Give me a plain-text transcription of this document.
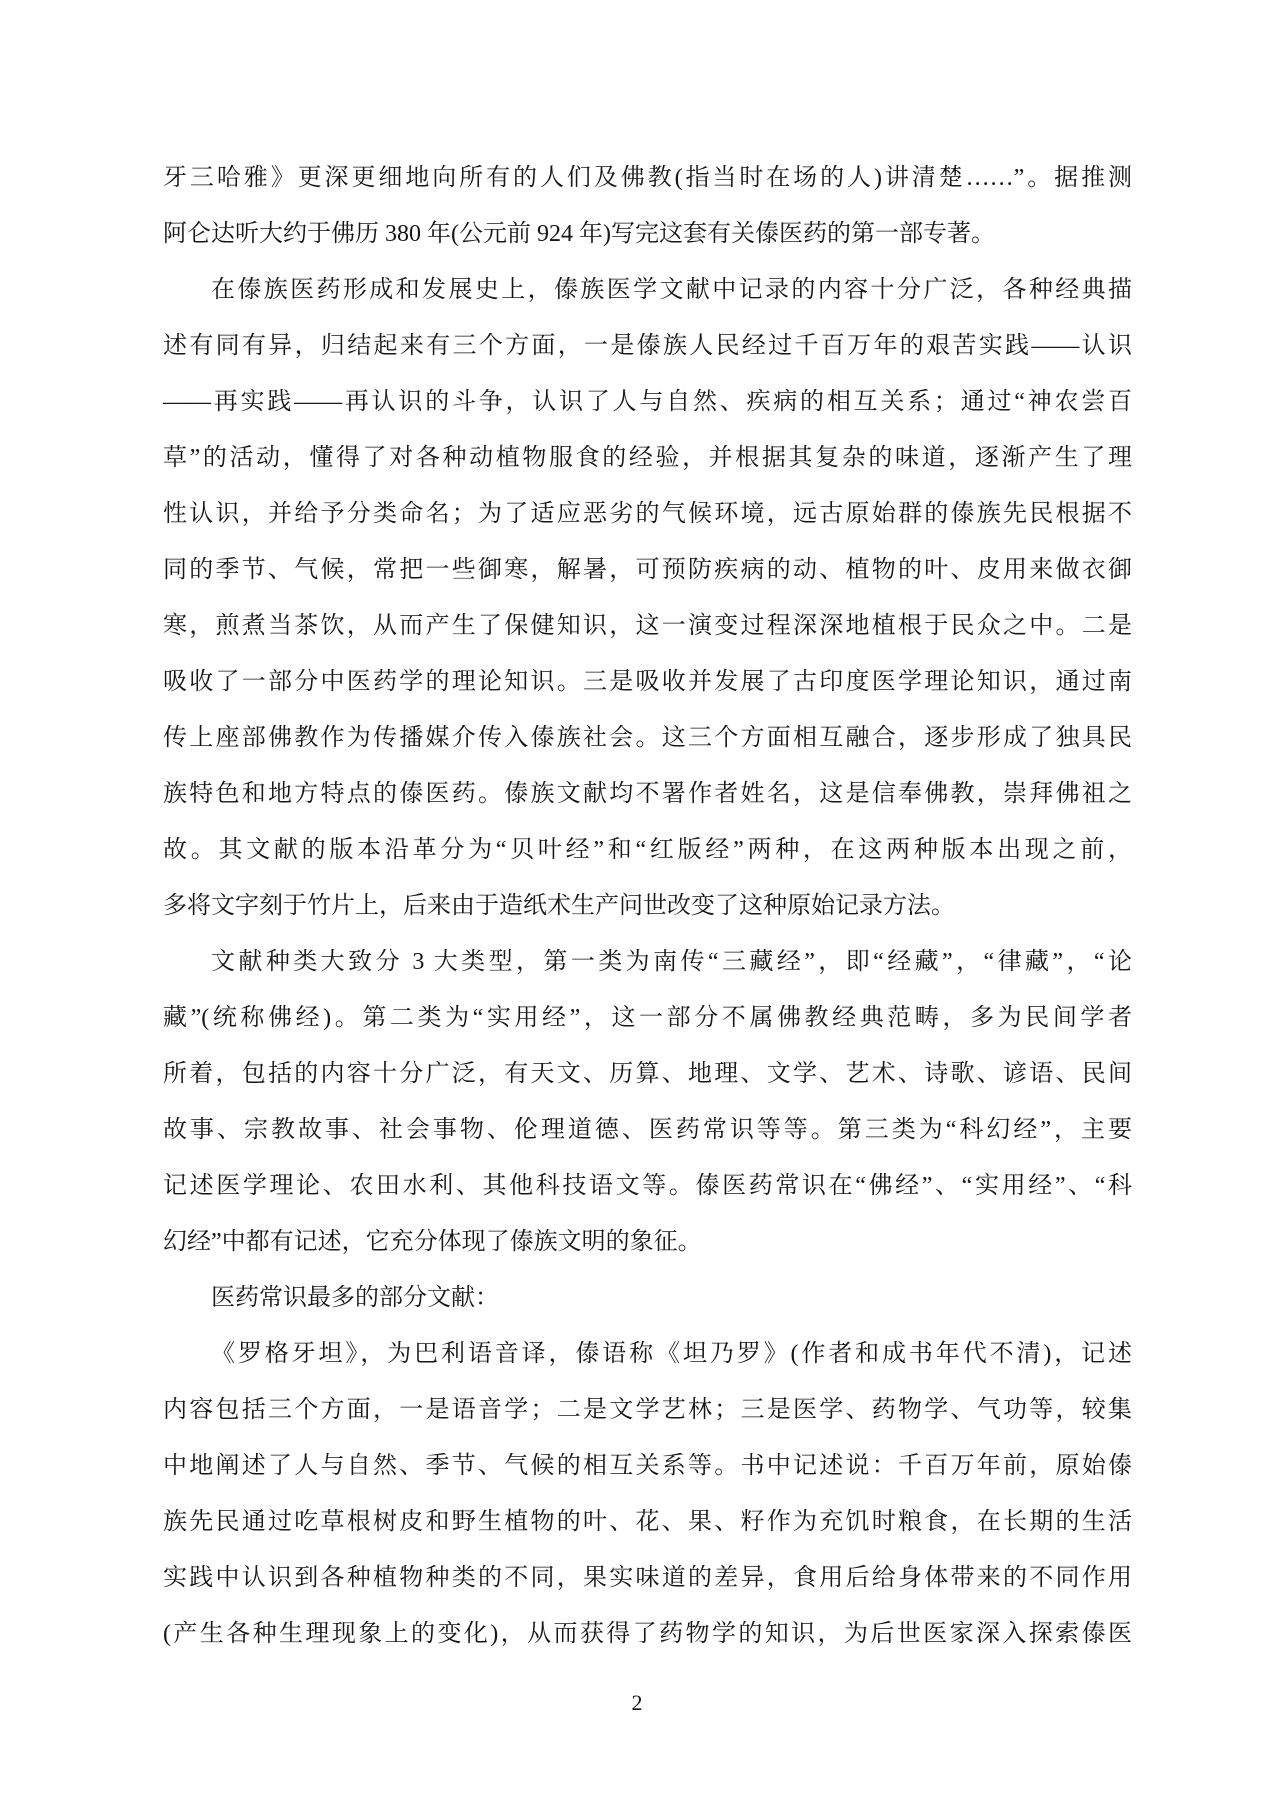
牙三哈雅》更深更细地向所有的人们及佛教(指当时在场的人)讲清楚……”。据推测
阿仑达听大约于佛历 380 年(公元前 924 年)写完这套有关傣医药的第一部专著。
在傣族医药形成和发展史上，傣族医学文献中记录的内容十分广泛，各种经典描
述有同有异，归结起来有三个方面，一是傣族人民经过千百万年的艰苦实践——认识
——再实践——再认识的斗争，认识了人与自然、疾病的相互关系；通过“神农尝百
草”的活动，懂得了对各种动植物服食的经验，并根据其复杂的味道，逐渐产生了理
性认识，并给予分类命名；为了适应恶劣的气候环境，远古原始群的傣族先民根据不
同的季节、气候，常把一些御寒，解暑，可预防疾病的动、植物的叶、皮用来做衣御
寒，煎煮当茶饮，从而产生了保健知识，这一演变过程深深地植根于民众之中。二是
吸收了一部分中医药学的理论知识。三是吸收并发展了古印度医学理论知识，通过南
传上座部佛教作为传播媒介传入傣族社会。这三个方面相互融合，逐步形成了独具民
族特色和地方特点的傣医药。傣族文献均不署作者姓名，这是信奉佛教，崇拜佛祖之
故。其文献的版本沿革分为“贝叶经”和“红版经”两种，在这两种版本出现之前，
多将文字刻于竹片上，后来由于造纸术生产问世改变了这种原始记录方法。
文献种类大致分 3 大类型，第一类为南传“三藏经”，即“经藏”，“律藏”，“论
藏”(统称佛经)。第二类为“实用经”，这一部分不属佛教经典范畴，多为民间学者
所着，包括的内容十分广泛，有天文、历算、地理、文学、艺术、诗歌、谚语、民间
故事、宗教故事、社会事物、伦理道德、医药常识等等。第三类为“科幻经”，主要
记述医学理论、农田水利、其他科技语文等。傣医药常识在“佛经”、“实用经”、“科
幻经”中都有记述，它充分体现了傣族文明的象征。
医药常识最多的部分文献：
《罗格牙坦》，为巴利语音译，傣语称《坦乃罗》(作者和成书年代不清)，记述
内容包括三个方面，一是语音学；二是文学艺林；三是医学、药物学、气功等，较集
中地阐述了人与自然、季节、气候的相互关系等。书中记述说：千百万年前，原始傣
族先民通过吃草根树皮和野生植物的叶、花、果、籽作为充饥时粮食，在长期的生活
实践中认识到各种植物种类的不同，果实味道的差异，食用后给身体带来的不同作用
(产生各种生理现象上的变化)，从而获得了药物学的知识，为后世医家深入探索傣医
2
